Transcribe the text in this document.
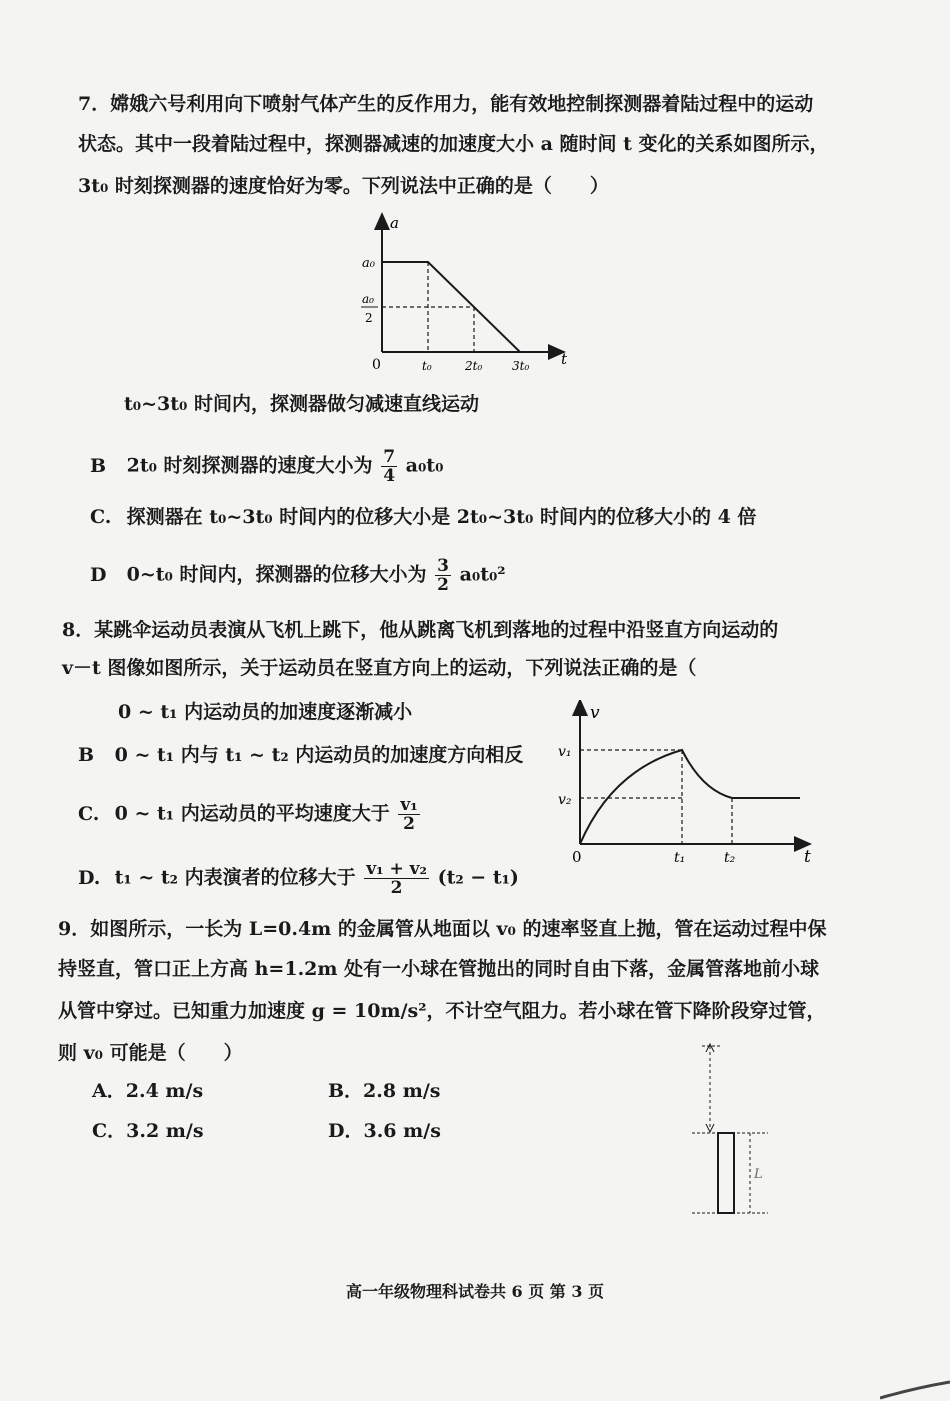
7．嫦娥六号利用向下喷射气体产生的反作用力，能有效地控制探测器着陆过程中的运动
状态。其中一段着陆过程中，探测器减速的加速度大小 a 随时间 t 变化的关系如图所示，
3t₀ 时刻探测器的速度恰好为零。下列说法中正确的是（　　）
a
t
0
a₀
a₀
2
t₀	2t₀ 3t₀
t₀~3t₀ 时间内，探测器做匀减速直线运动
B 2t₀ 时刻探测器的速度大小为 $\frac{7}{4} a_0t_0$
C. 探测器在 t₀~3t₀ 时间内的位移大小是 2t₀~3t₀ 时间内的位移大小的 4 倍
D 0~t₀ 时间内，探测器的位移大小为 $\frac{3}{2} a_0t_0^2$
8．某跳伞运动员表演从飞机上跳下，他从跳离飞机到落地的过程中沿竖直方向运动的
v－t 图像如图所示，关于运动员在竖直方向上的运动，下列说法正确的是（
0 ~ t₁ 内运动员的加速度逐渐减小
B 0 ~ t₁ 内与 t₁ ~ t₂ 内运动员的加速度方向相反
C. 0 ~ t₁ 内运动员的平均速度大于 $\frac{\text{v₁}}{2}$
D. t₁ ~ t₂ 内表演者的位移大于 $\frac{\text{v₁ + v₂}}{2} (t_2 - t_1)$
v
t
0
v₁
v₂
t₁	t₂
9．如图所示，一长为 L=0.4m 的金属管从地面以 v₀ 的速率竖直上抛，管在运动过程中保
持竖直，管口正上方高 h=1.2m 处有一小球在管抛出的同时自由下落，金属管落地前小球
从管中穿过。已知重力加速度 g = 10m/s²，不计空气阻力。若小球在管下降阶段穿过管，
则 v₀ 可能是（　　）
A．2.4 m/s	B．2.8 m/s
C．3.2 m/s	D．3.6 m/s
L
高一年级物理科试卷共 6 页 第 3 页
